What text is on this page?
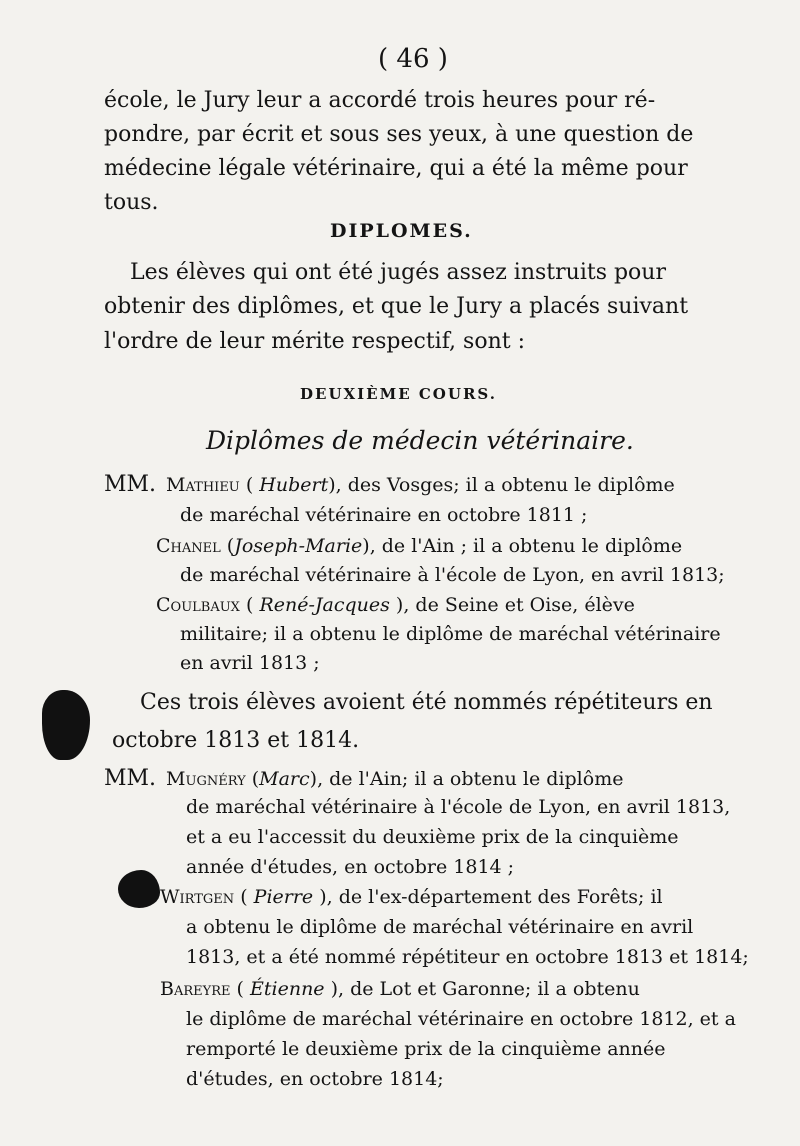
( 46 )
école, le Jury leur a accordé trois heures pour ré-
pondre, par écrit et sous ses yeux, à une question de
médecine légale vétérinaire, qui a été la même pour
tous.
DIPLOMES.
Les élèves qui ont été jugés assez instruits pour
obtenir des diplômes, et que le Jury a placés suivant
l'ordre de leur mérite respectif, sont :
DEUXIÈME COURS.
Diplômes de médecin vétérinaire.
MM. Mathieu ( Hubert), des Vosges; il a obtenu le diplôme
de maréchal vétérinaire en octobre 1811 ;
Chanel (Joseph-Marie), de l'Ain ; il a obtenu le diplôme
de maréchal vétérinaire à l'école de Lyon, en avril 1813;
Coulbaux ( René-Jacques ), de Seine et Oise, élève
militaire; il a obtenu le diplôme de maréchal vétérinaire
en avril 1813 ;
Ces trois élèves avoient été nommés répétiteurs en
octobre 1813 et 1814.
MM. Mugnéry (Marc), de l'Ain; il a obtenu le diplôme
de maréchal vétérinaire à l'école de Lyon, en avril 1813,
et a eu l'accessit du deuxième prix de la cinquième
année d'études, en octobre 1814 ;
Wirtgen ( Pierre ), de l'ex-département des Forêts; il
a obtenu le diplôme de maréchal vétérinaire en avril
1813, et a été nommé répétiteur en octobre 1813 et 1814;
Bareyre ( Étienne ), de Lot et Garonne; il a obtenu
le diplôme de maréchal vétérinaire en octobre 1812, et a
remporté le deuxième prix de la cinquième année
d'études, en octobre 1814;
